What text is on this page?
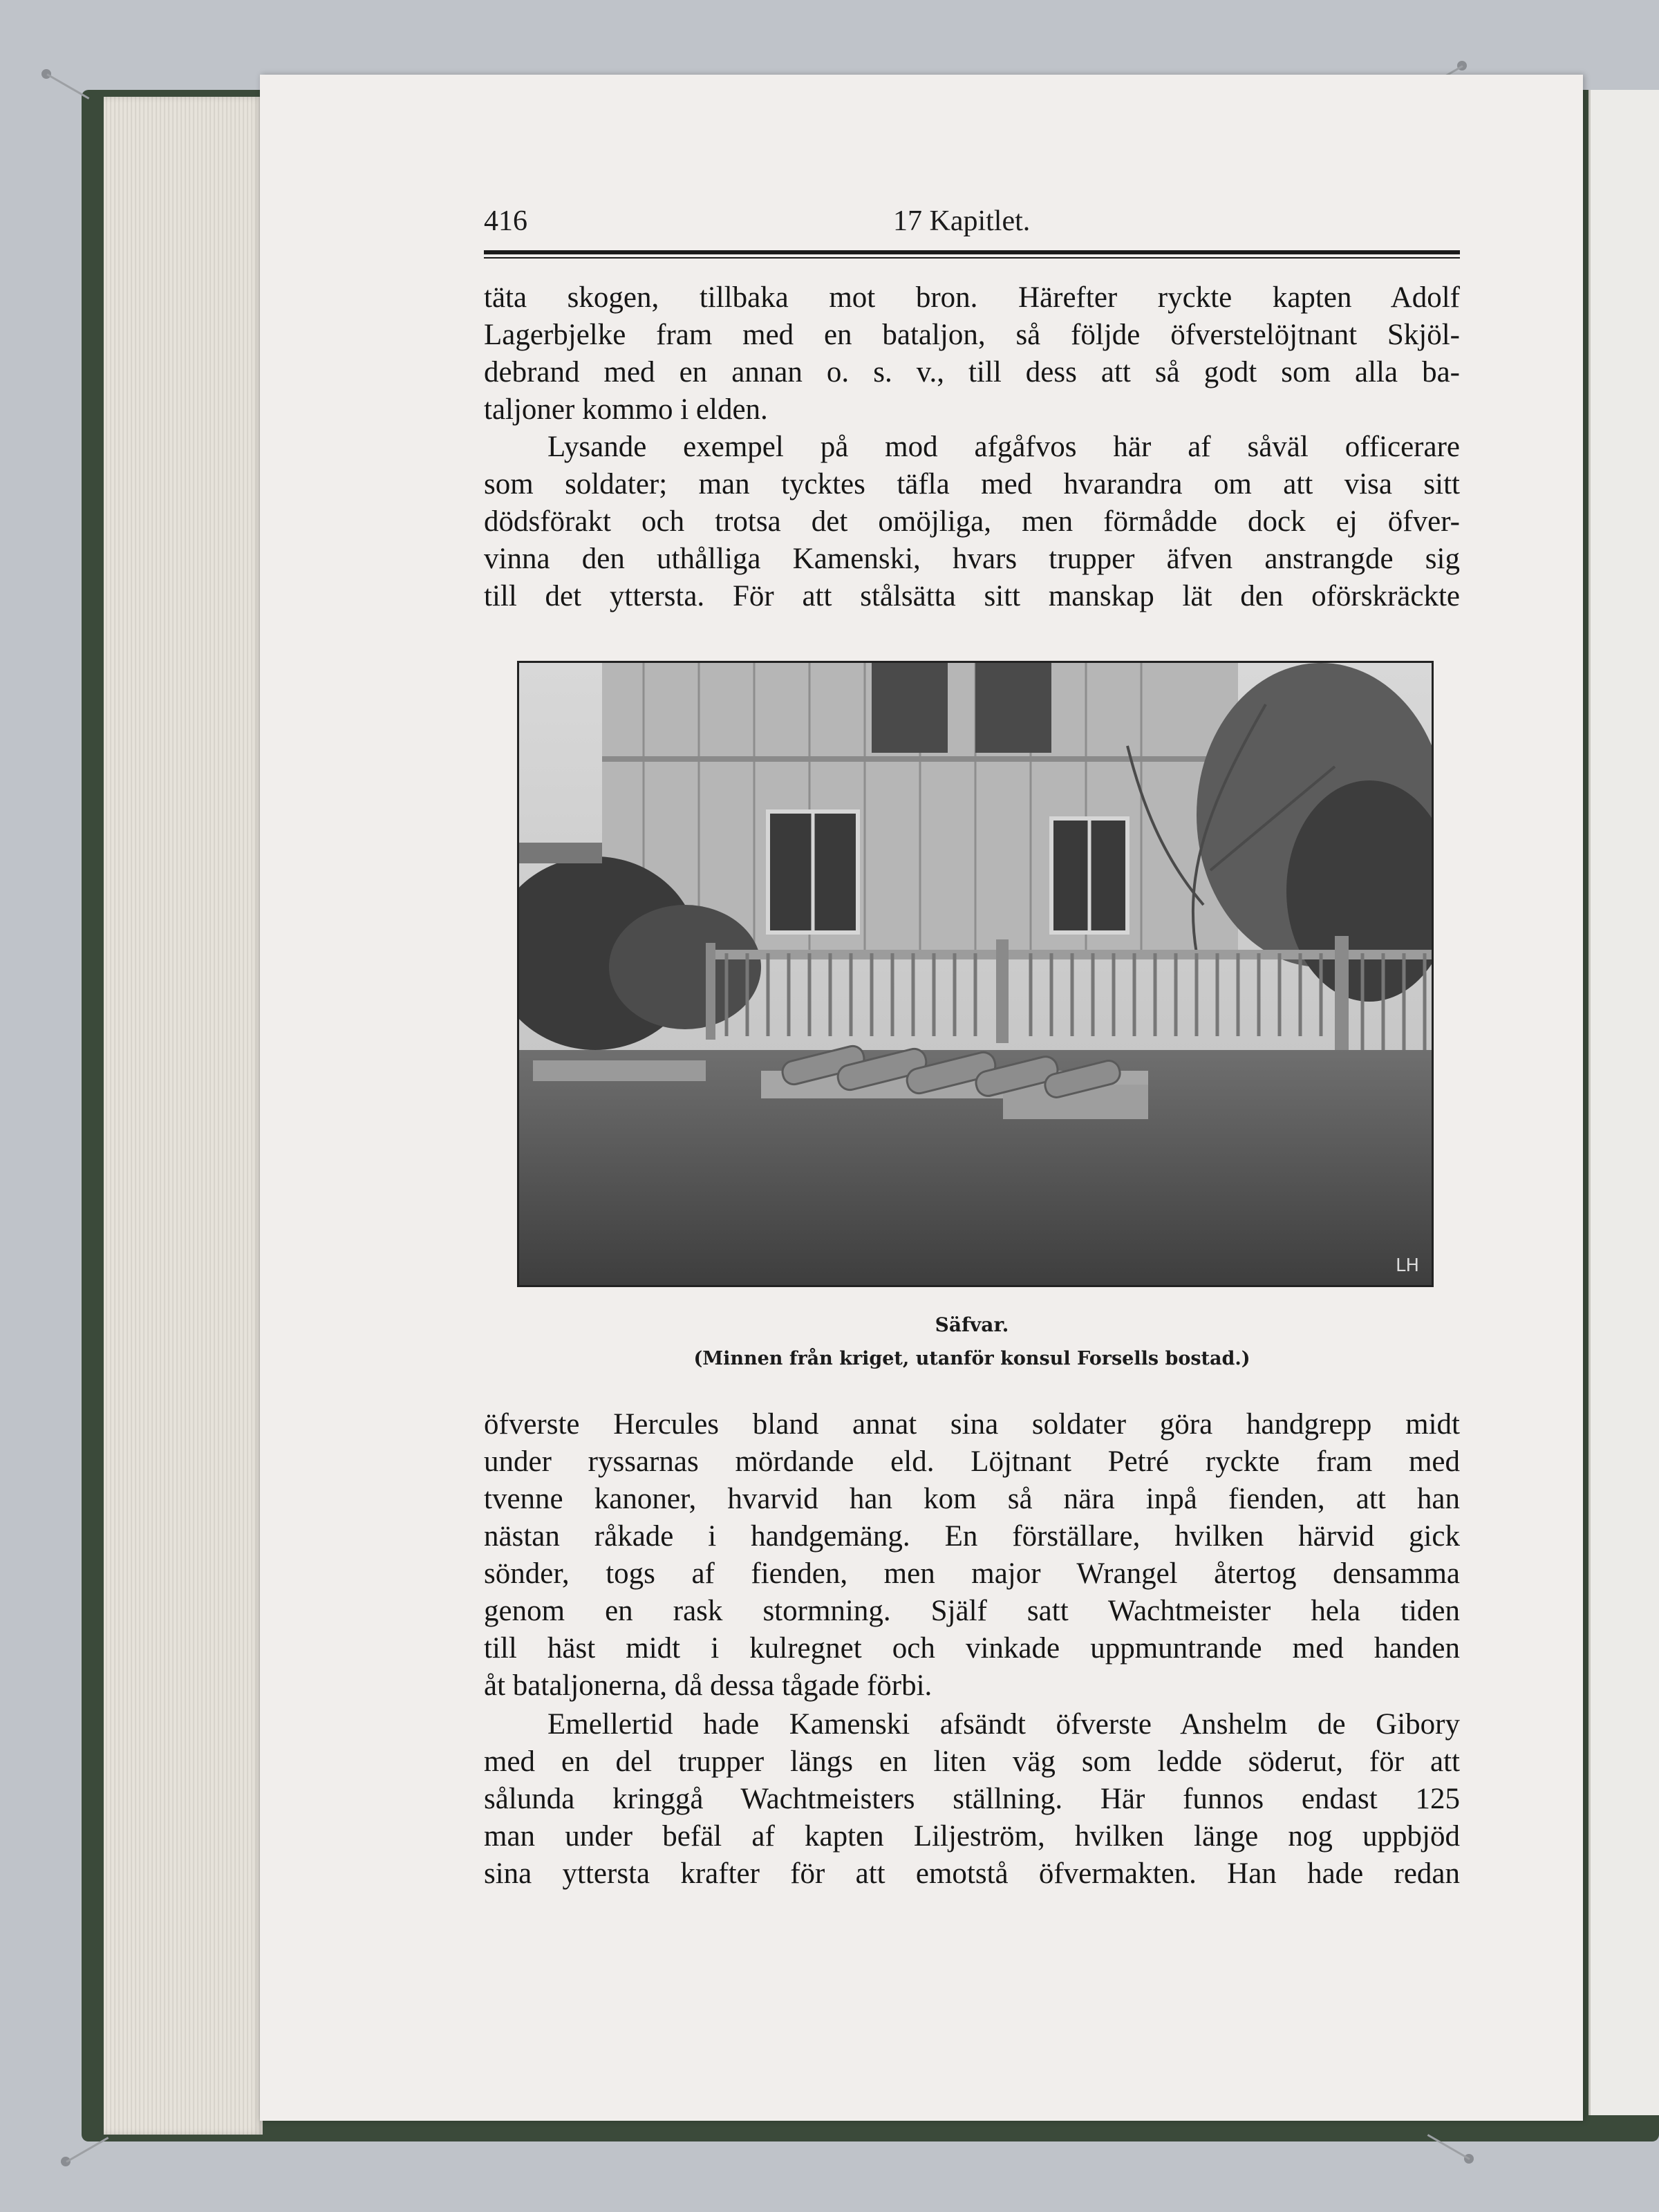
416	17 Kapitlet.

täta skogen, tillbaka mot bron. Härefter ryckte kapten Adolf
Lagerbjelke fram med en bataljon, så följde öfverstelöjtnant Skjöl-
debrand med en annan o. s. v., till dess att så godt som alla ba-
taljoner kommo i elden.

Lysande exempel på mod afgåfvos här af såväl officerare
som soldater; man tycktes täfla med hvarandra om att visa sitt
dödsförakt och trotsa det omöjliga, men förmådde dock ej öfver-
vinna den uthålliga Kamenski, hvars trupper äfven anstrangde sig
till det yttersta. För att stålsätta sitt manskap lät den oförskräckte

LH
Säfvar.
(Minnen från kriget, utanför konsul Forsells bostad.)

öfverste Hercules bland annat sina soldater göra handgrepp midt
under ryssarnas mördande eld. Löjtnant Petré ryckte fram med
tvenne kanoner, hvarvid han kom så nära inpå fienden, att han
nästan råkade i handgemäng. En förställare, hvilken härvid gick
sönder, togs af fienden, men major Wrangel återtog densamma
genom en rask stormning. Själf satt Wachtmeister hela tiden
till häst midt i kulregnet och vinkade uppmuntrande med handen
åt bataljonerna, då dessa tågade förbi.

Emellertid hade Kamenski afsändt öfverste Anshelm de Gibory
med en del trupper längs en liten väg som ledde söderut, för att
sålunda kringgå Wachtmeisters ställning. Här funnos endast 125
man under befäl af kapten Liljeström, hvilken länge nog uppbjöd
sina yttersta krafter för att emotstå öfvermakten. Han hade redan
